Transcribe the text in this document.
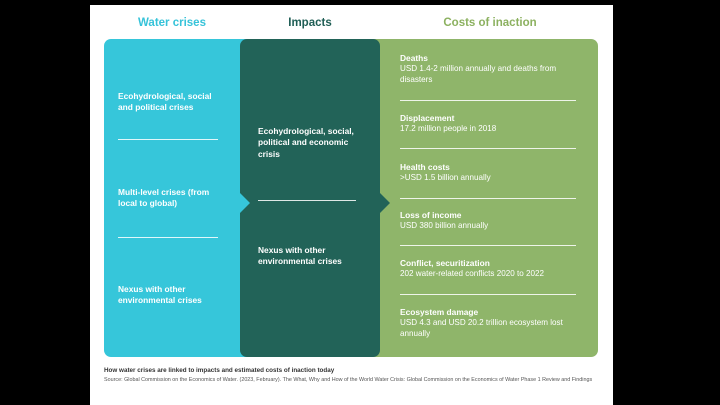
Water crises	Impacts	Costs of inaction
Ecohydrological, social and political crises
Multi-level crises (from local to global)
Nexus with other environmental crises
Ecohydrological, social, political and economic crisis
Nexus with other environmental crises
Deaths
USD 1.4-2 million annually and deaths from disasters
Displacement
17.2 million people in 2018
Health costs
>USD 1.5 billion annually
Loss of income
USD 380 billion annually
Conflict, securitization
202 water-related conflicts 2020 to 2022
Ecosystem damage
USD 4.3 and USD 20.2 trillion ecosystem lost annually
How water crises are linked to impacts and estimated costs of inaction today
Source: Global Commission on the Economics of Water. (2023, February). The What, Why and How of the World Water Crisis: Global Commission on the Economics of Water Phase 1 Review and Findings
